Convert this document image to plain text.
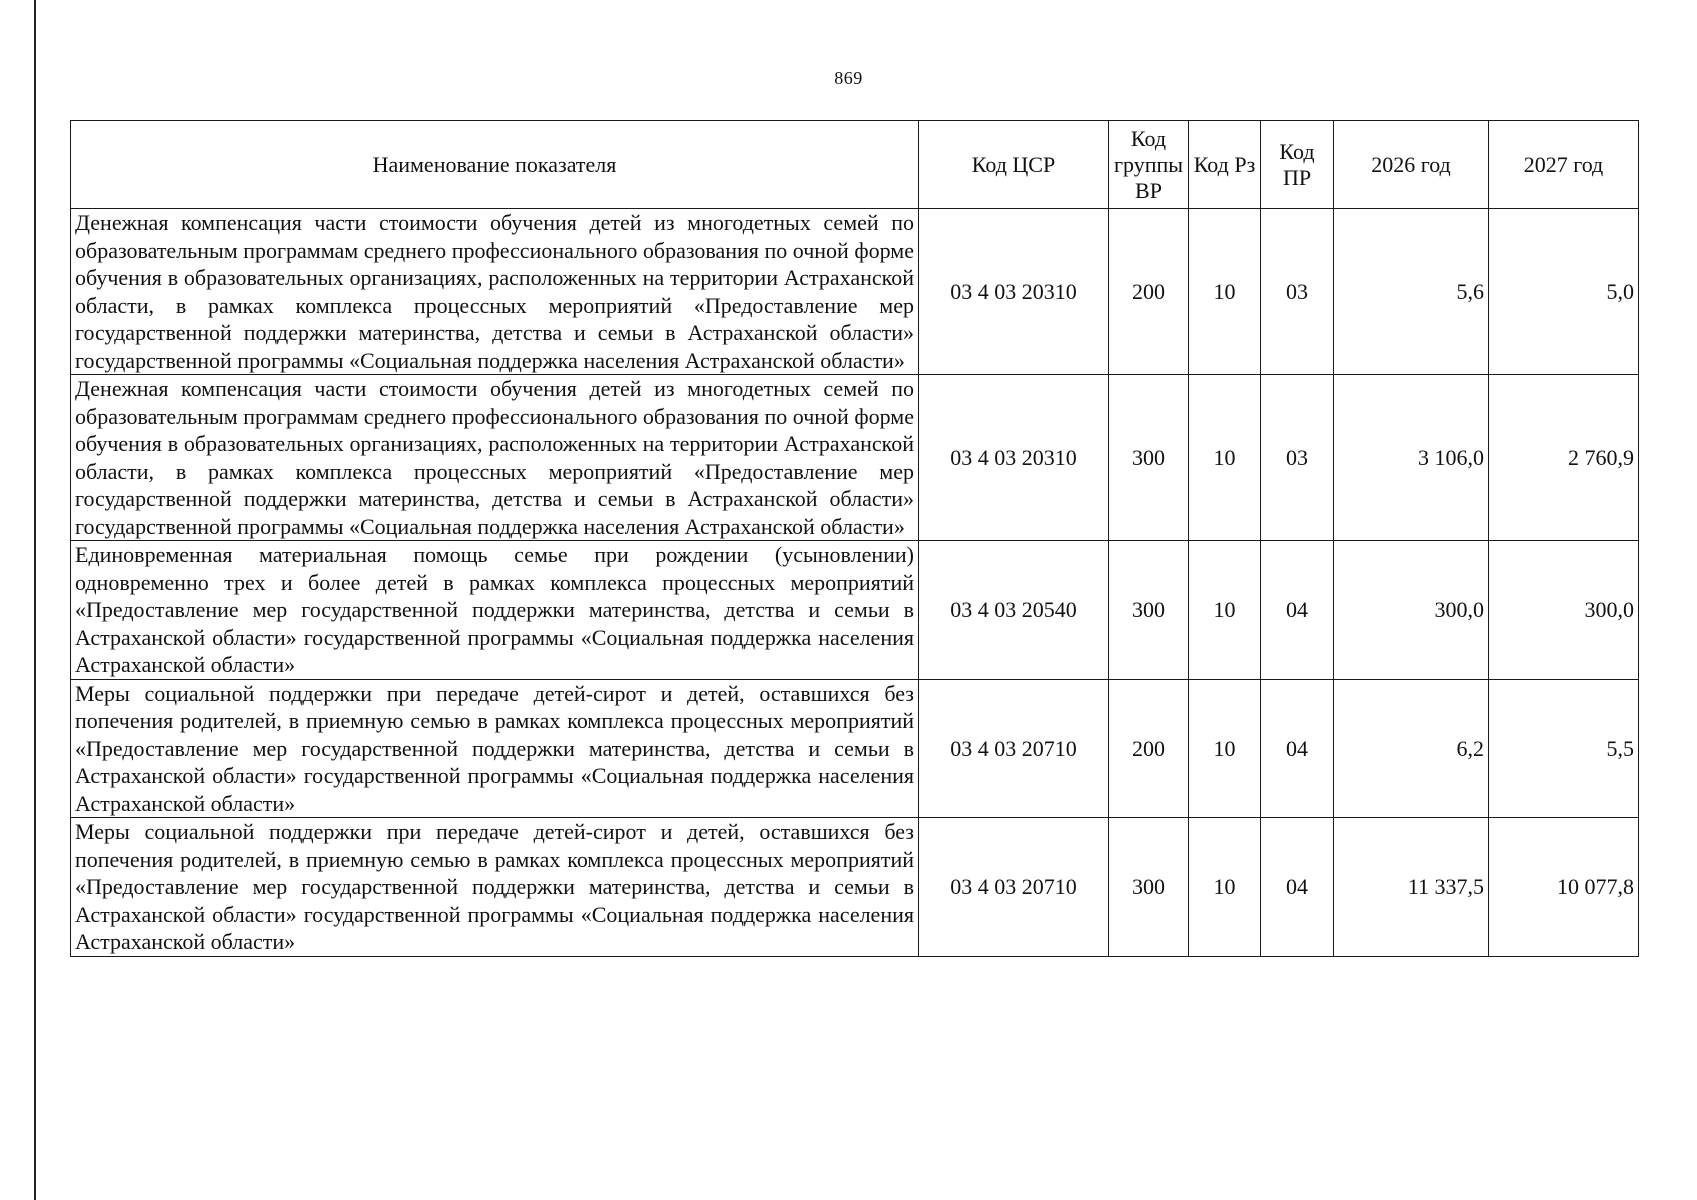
869
Наименование показателя	Код ЦСР	Код группы ВР	Код Рз	Код ПР	2026 год	2027 год
Денежная компенсация части стоимости обучения детей из многодетных семей по образовательным программам среднего профессионального образования по очной форме обучения в образовательных организациях, расположенных на территории Астраханской области, в рамках комплекса процессных мероприятий «Предоставление мер государственной поддержки материнства, детства и семьи в Астраханской области» государственной программы «Социальная поддержка населения Астраханской области»	03 4 03 20310	200	10	03	5,6	5,0
Денежная компенсация части стоимости обучения детей из многодетных семей по образовательным программам среднего профессионального образования по очной форме обучения в образовательных организациях, расположенных на территории Астраханской области, в рамках комплекса процессных мероприятий «Предоставление мер государственной поддержки материнства, детства и семьи в Астраханской области» государственной программы «Социальная поддержка населения Астраханской области»	03 4 03 20310	300	10	03	3 106,0	2 760,9
Единовременная материальная помощь семье при рождении (усыновлении) одновременно трех и более детей в рамках комплекса процессных мероприятий «Предоставление мер государственной поддержки материнства, детства и семьи в Астраханской области» государственной программы «Социальная поддержка населения Астраханской области»	03 4 03 20540	300	10	04	300,0	300,0
Меры социальной поддержки при передаче детей-сирот и детей, оставшихся без попечения родителей, в приемную семью в рамках комплекса процессных мероприятий «Предоставление мер государственной поддержки материнства, детства и семьи в Астраханской области» государственной программы «Социальная поддержка населения Астраханской области»	03 4 03 20710	200	10	04	6,2	5,5
Меры социальной поддержки при передаче детей-сирот и детей, оставшихся без попечения родителей, в приемную семью в рамках комплекса процессных мероприятий «Предоставление мер государственной поддержки материнства, детства и семьи в Астраханской области» государственной программы «Социальная поддержка населения Астраханской области»	03 4 03 20710	300	10	04	11 337,5	10 077,8
